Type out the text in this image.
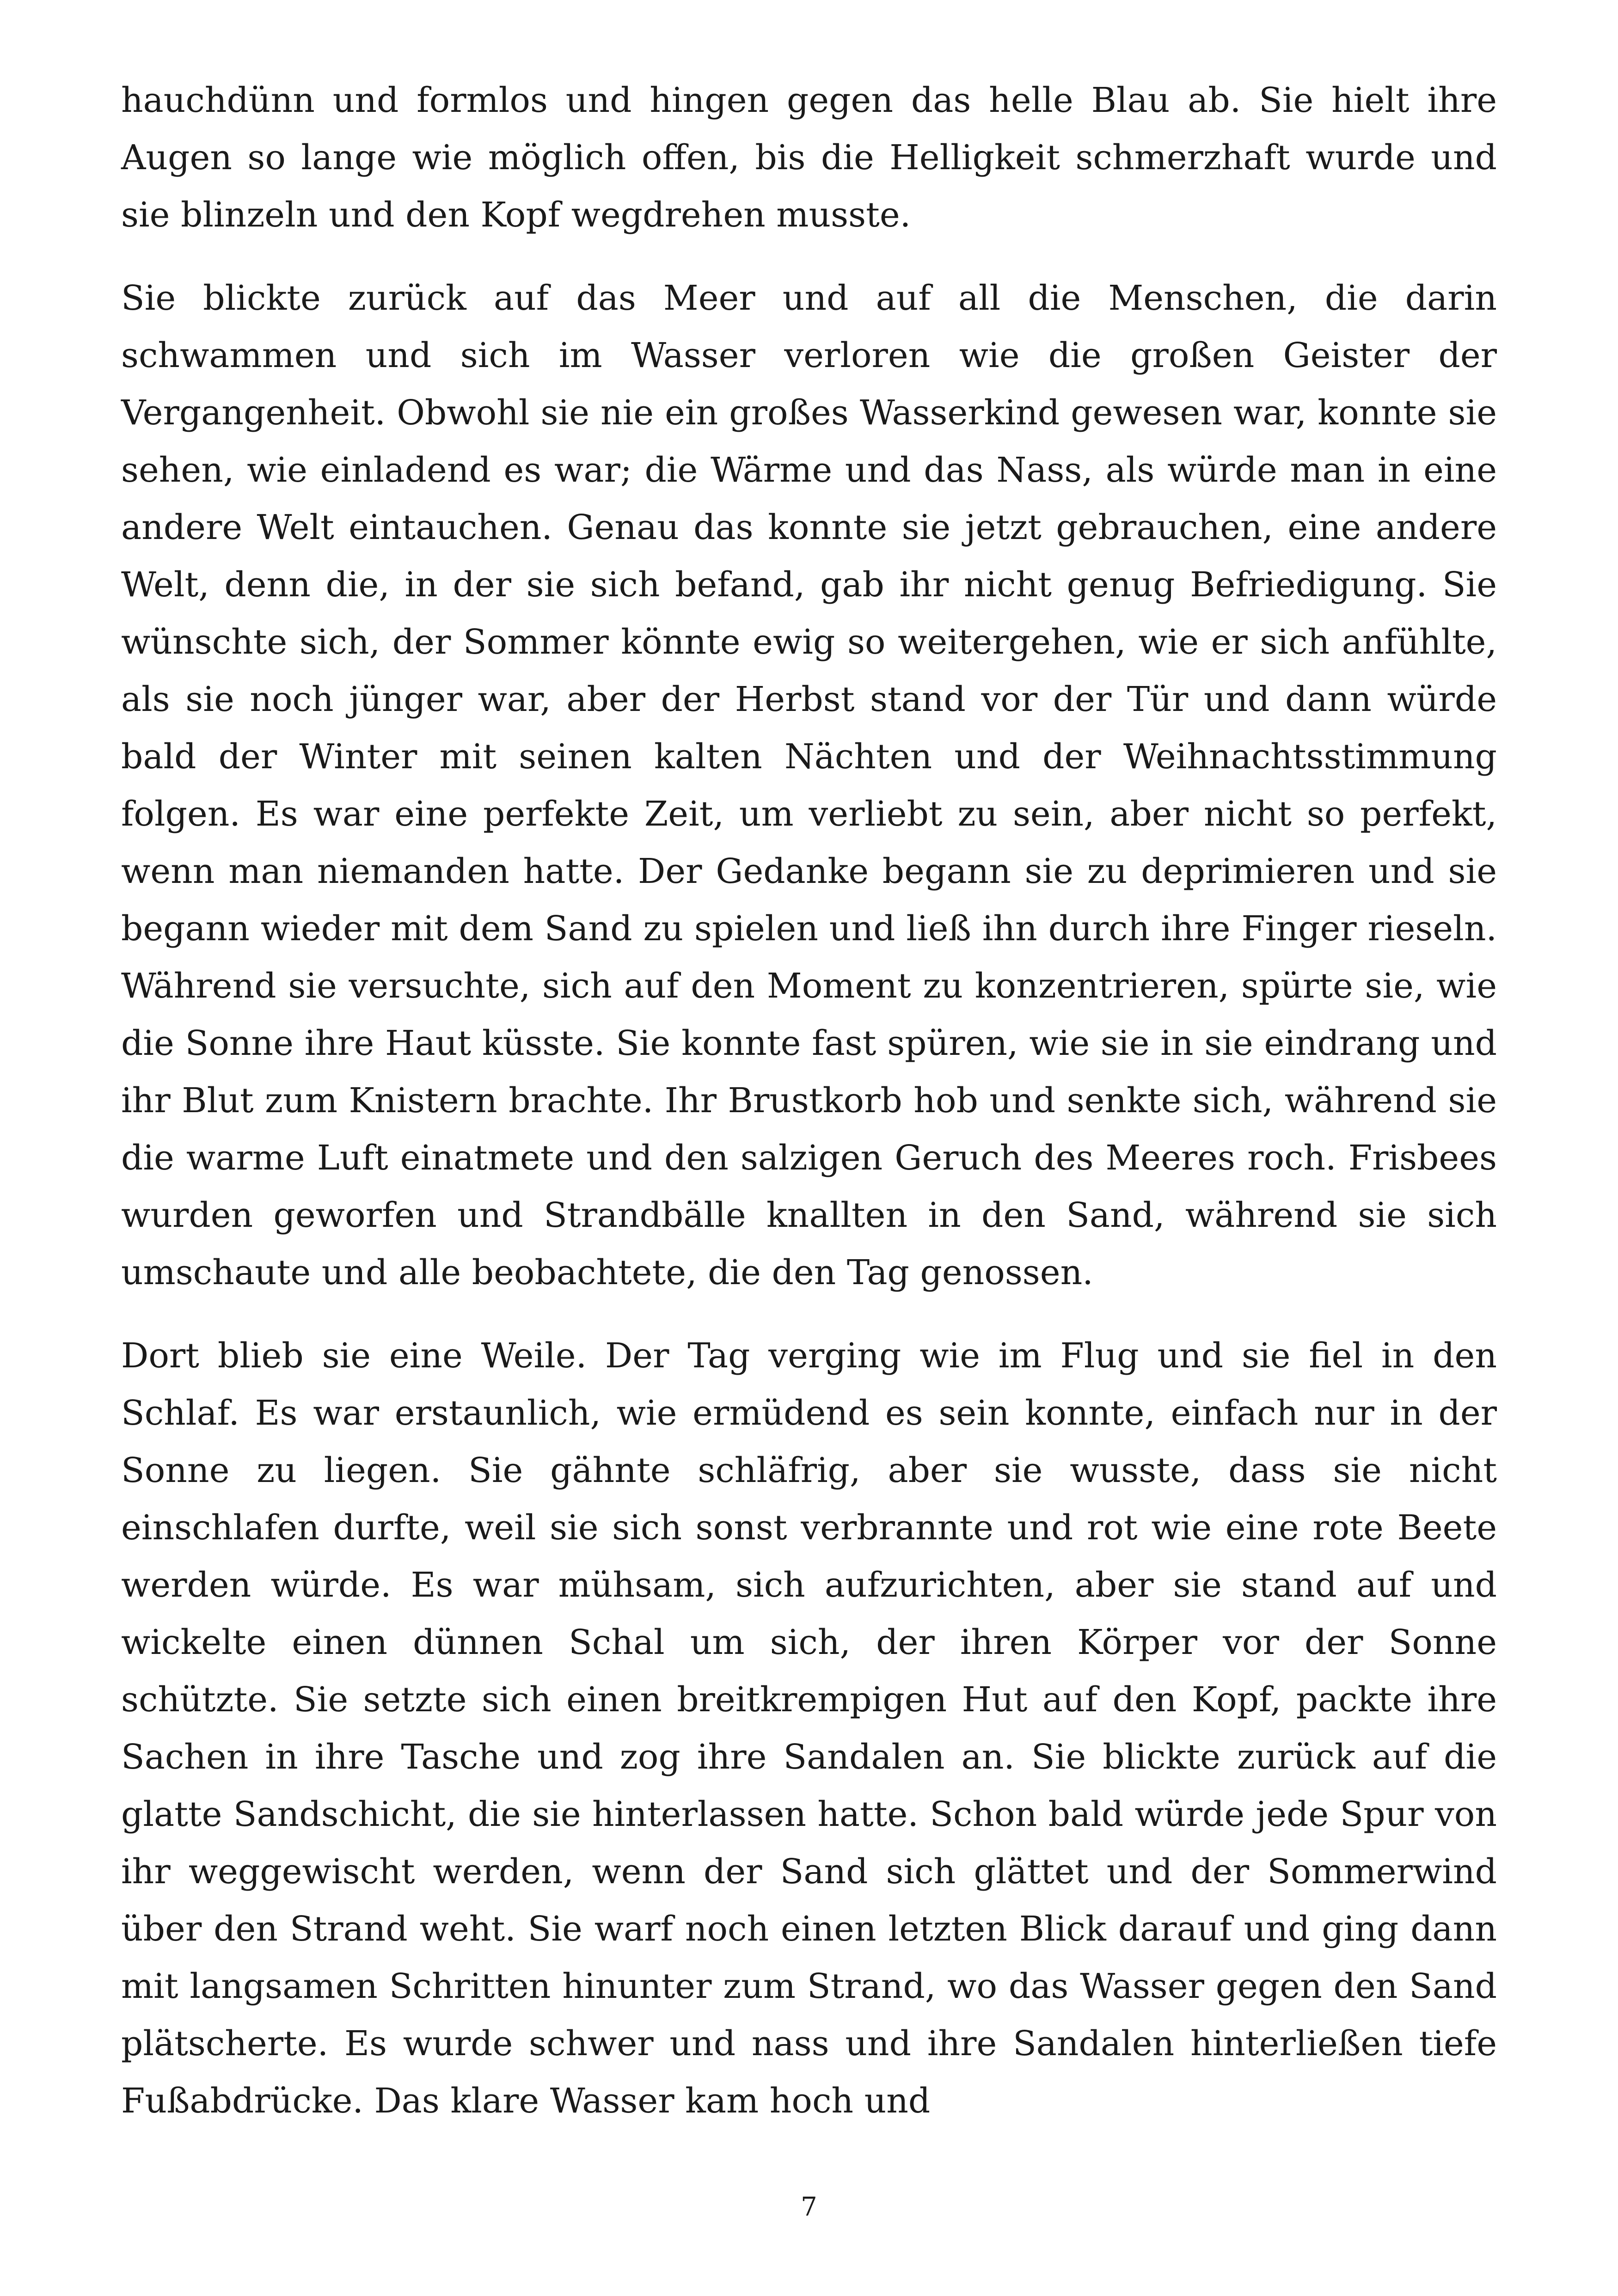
hauchdünn und formlos und hingen gegen das helle Blau ab. Sie hielt ihre Augen so lange wie möglich offen, bis die Helligkeit schmerzhaft wurde und sie blinzeln und den Kopf wegdrehen musste.

Sie blickte zurück auf das Meer und auf all die Menschen, die darin schwammen und sich im Wasser verloren wie die großen Geister der Vergangenheit. Obwohl sie nie ein großes Wasserkind gewesen war, konnte sie sehen, wie einladend es war; die Wärme und das Nass, als würde man in eine andere Welt eintauchen. Genau das konnte sie jetzt gebrauchen, eine andere Welt, denn die, in der sie sich befand, gab ihr nicht genug Befriedigung. Sie wünschte sich, der Sommer könnte ewig so weitergehen, wie er sich anfühlte, als sie noch jünger war, aber der Herbst stand vor der Tür und dann würde bald der Winter mit seinen kalten Nächten und der Weihnachtsstimmung folgen. Es war eine perfekte Zeit, um verliebt zu sein, aber nicht so perfekt, wenn man niemanden hatte. Der Gedanke begann sie zu deprimieren und sie begann wieder mit dem Sand zu spielen und ließ ihn durch ihre Finger rieseln. Während sie versuchte, sich auf den Moment zu konzentrieren, spürte sie, wie die Sonne ihre Haut küsste. Sie konnte fast spüren, wie sie in sie eindrang und ihr Blut zum Knistern brachte. Ihr Brustkorb hob und senkte sich, während sie die warme Luft einatmete und den salzigen Geruch des Meeres roch. Frisbees wurden geworfen und Strandbälle knallten in den Sand, während sie sich umschaute und alle beobachtete, die den Tag genossen.

Dort blieb sie eine Weile. Der Tag verging wie im Flug und sie fiel in den Schlaf. Es war erstaunlich, wie ermüdend es sein konnte, einfach nur in der Sonne zu liegen. Sie gähnte schläfrig, aber sie wusste, dass sie nicht einschlafen durfte, weil sie sich sonst verbrannte und rot wie eine rote Beete werden würde. Es war mühsam, sich aufzurichten, aber sie stand auf und wickelte einen dünnen Schal um sich, der ihren Körper vor der Sonne schützte. Sie setzte sich einen breitkrempigen Hut auf den Kopf, packte ihre Sachen in ihre Tasche und zog ihre Sandalen an. Sie blickte zurück auf die glatte Sandschicht, die sie hinterlassen hatte. Schon bald würde jede Spur von ihr weggewischt werden, wenn der Sand sich glättet und der Sommerwind über den Strand weht. Sie warf noch einen letzten Blick darauf und ging dann mit langsamen Schritten hinunter zum Strand, wo das Wasser gegen den Sand plätscherte. Es wurde schwer und nass und ihre Sandalen hinterließen tiefe Fußabdrücke. Das klare Wasser kam hoch und

7
